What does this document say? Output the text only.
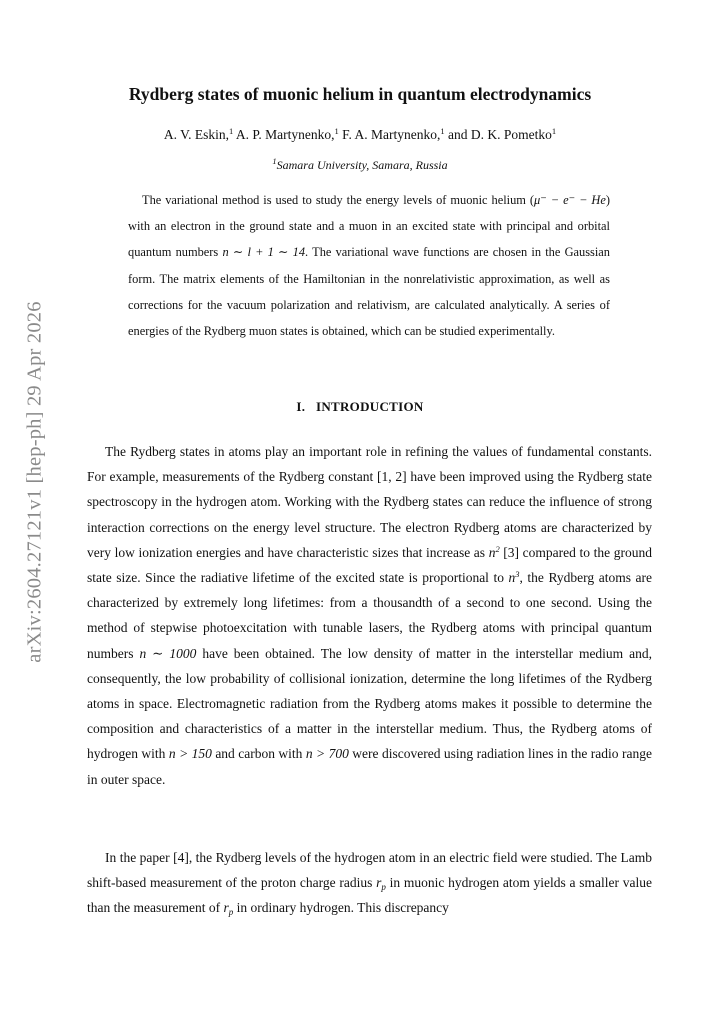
arXiv:2604.27121v1 [hep-ph] 29 Apr 2026
Rydberg states of muonic helium in quantum electrodynamics
A. V. Eskin,$^1$ A. P. Martynenko,$^1$ F. A. Martynenko,$^1$ and D. K. Pometko$^1$
$^1$Samara University, Samara, Russia

The variational method is used to study the energy levels of muonic helium (μ⁻ − e⁻ − He) with an electron in the ground state and a muon in an excited state with principal and orbital quantum numbers n ∼ l + 1 ∼ 14. The variational wave functions are chosen in the Gaussian form. The matrix elements of the Hamiltonian in the nonrelativistic approximation, as well as corrections for the vacuum polarization and relativism, are calculated analytically. A series of energies of the Rydberg muon states is obtained, which can be studied experimentally.

I. INTRODUCTION

The Rydberg states in atoms play an important role in refining the values of fundamental constants. For example, measurements of the Rydberg constant [1, 2] have been improved using the Rydberg state spectroscopy in the hydrogen atom. Working with the Rydberg states can reduce the influence of strong interaction corrections on the energy level structure. The electron Rydberg atoms are characterized by very low ionization energies and have characteristic sizes that increase as $n^2$ [3] compared to the ground state size. Since the radiative lifetime of the excited state is proportional to $n^3$, the Rydberg atoms are characterized by extremely long lifetimes: from a thousandth of a second to one second. Using the method of stepwise photoexcitation with tunable lasers, the Rydberg atoms with principal quantum numbers n ∼ 1000 have been obtained. The low density of matter in the interstellar medium and, consequently, the low probability of collisional ionization, determine the long lifetimes of the Rydberg atoms in space. Electromagnetic radiation from the Rydberg atoms makes it possible to determine the composition and characteristics of a matter in the interstellar medium. Thus, the Rydberg atoms of hydrogen with n > 150 and carbon with n > 700 were discovered using radiation lines in the radio range in outer space.

In the paper [4], the Rydberg levels of the hydrogen atom in an electric field were studied. The Lamb shift-based measurement of the proton charge radius $r_p$ in muonic hydrogen atom yields a smaller value than the measurement of $r_p$ in ordinary hydrogen. This discrepancy
